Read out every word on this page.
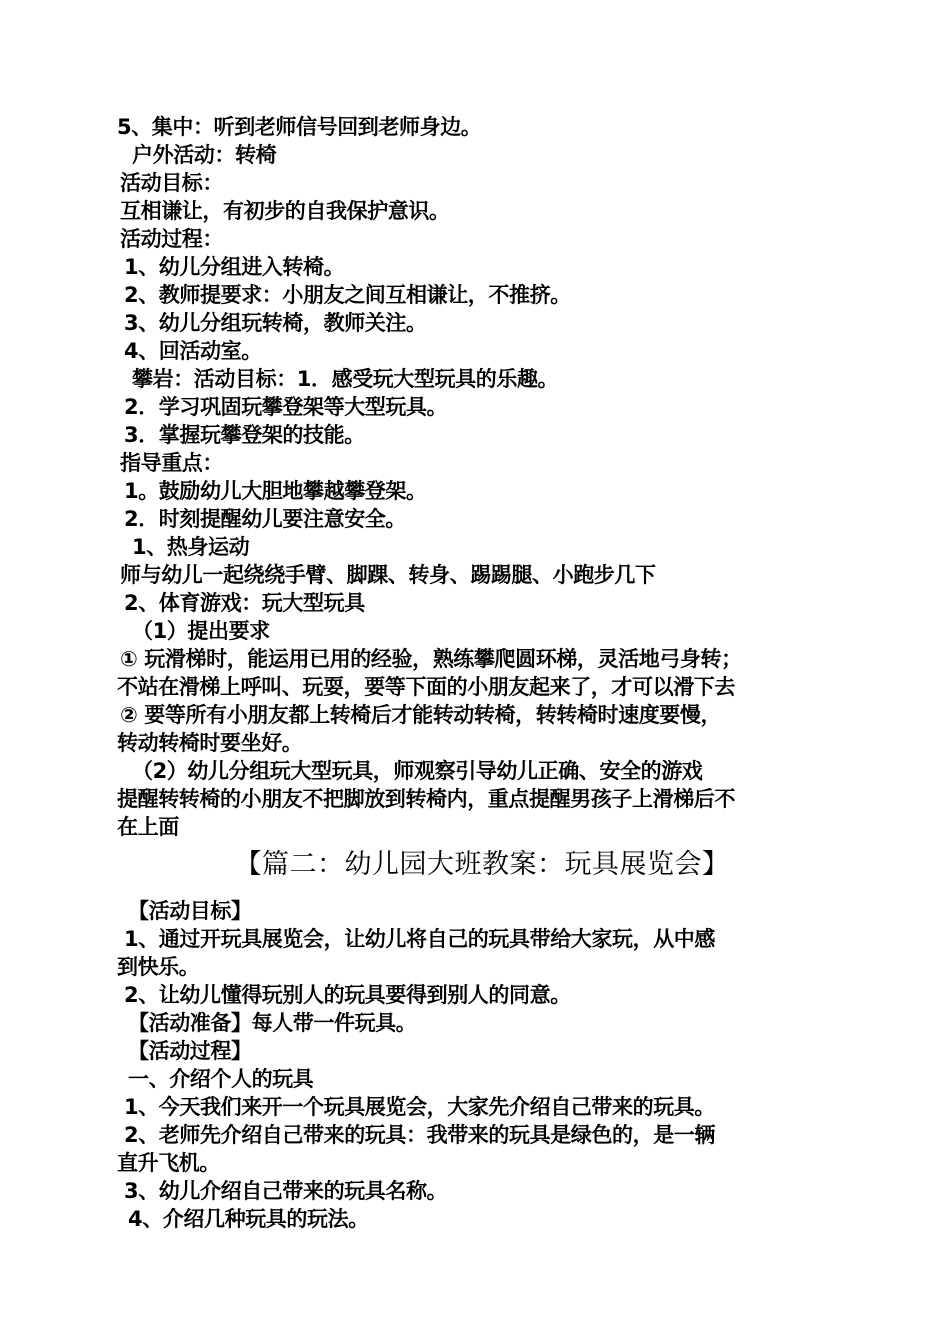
5、集中：听到老师信号回到老师身边。
户外活动：转椅
活动目标：
互相谦让，有初步的自我保护意识。
活动过程：
1、幼儿分组进入转椅。
2、教师提要求：小朋友之间互相谦让，不推挤。
3、幼儿分组玩转椅，教师关注。
4、回活动室。
攀岩：活动目标：1．感受玩大型玩具的乐趣。
2．学习巩固玩攀登架等大型玩具。
3．掌握玩攀登架的技能。
指导重点：
1。鼓励幼儿大胆地攀越攀登架。
2．时刻提醒幼儿要注意安全。
1、热身运动
师与幼儿一起绕绕手臂、脚踝、转身、踢踢腿、小跑步几下
2、体育游戏：玩大型玩具
（1）提出要求
① 玩滑梯时，能运用已用的经验，熟练攀爬圆环梯，灵活地弓身转；
不站在滑梯上呼叫、玩耍，要等下面的小朋友起来了，才可以滑下去
② 要等所有小朋友都上转椅后才能转动转椅，转转椅时速度要慢，
转动转椅时要坐好。
（2）幼儿分组玩大型玩具，师观察引导幼儿正确、安全的游戏
提醒转转椅的小朋友不把脚放到转椅内，重点提醒男孩子上滑梯后不
在上面
【篇二：幼儿园大班教案：玩具展览会】
【活动目标】
1、通过开玩具展览会，让幼儿将自己的玩具带给大家玩，从中感
到快乐。
2、让幼儿懂得玩别人的玩具要得到别人的同意。
【活动准备】每人带一件玩具。
【活动过程】
一、介绍个人的玩具
1、今天我们来开一个玩具展览会，大家先介绍自己带来的玩具。
2、老师先介绍自己带来的玩具：我带来的玩具是绿色的，是一辆
直升飞机。
3、幼儿介绍自己带来的玩具名称。
4、介绍几种玩具的玩法。
